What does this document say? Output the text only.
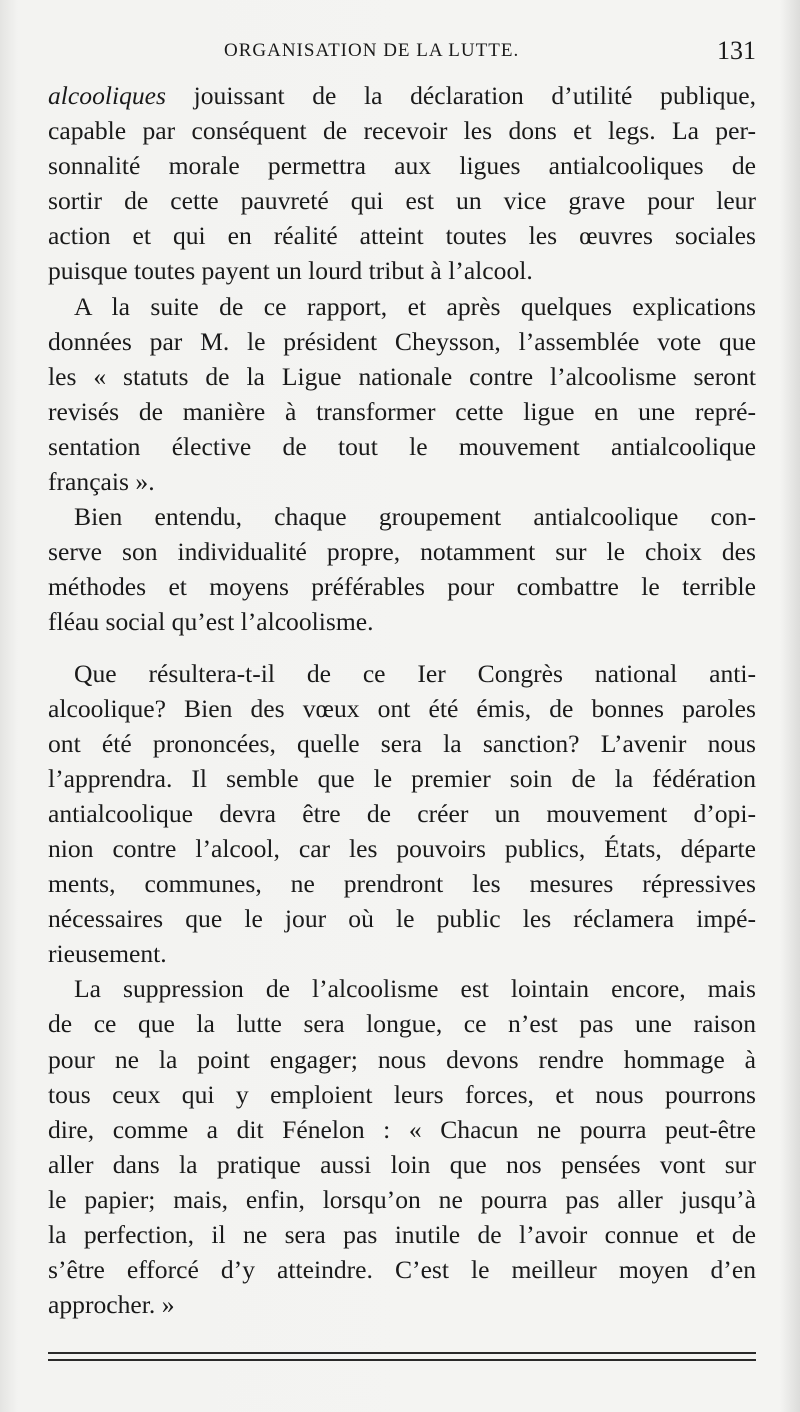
ORGANISATION DE LA LUTTE.	131
alcooliques jouissant de la déclaration d’utilité publique,
capable par conséquent de recevoir les dons et legs. La per-
sonnalité morale permettra aux ligues antialcooliques de
sortir de cette pauvreté qui est un vice grave pour leur
action et qui en réalité atteint toutes les œuvres sociales
puisque toutes payent un lourd tribut à l’alcool.
A la suite de ce rapport, et après quelques explications
données par M. le président Cheysson, l’assemblée vote que
les « statuts de la Ligue nationale contre l’alcoolisme seront
revisés de manière à transformer cette ligue en une repré-
sentation élective de tout le mouvement antialcoolique
français ».
Bien entendu, chaque groupement antialcoolique con-
serve son individualité propre, notamment sur le choix des
méthodes et moyens préférables pour combattre le terrible
fléau social qu’est l’alcoolisme.
Que résultera-t-il de ce Ier Congrès national anti-
alcoolique? Bien des vœux ont été émis, de bonnes paroles
ont été prononcées, quelle sera la sanction? L’avenir nous
l’apprendra. Il semble que le premier soin de la fédération
antialcoolique devra être de créer un mouvement d’opi-
nion contre l’alcool, car les pouvoirs publics, États, départe
ments, communes, ne prendront les mesures répressives
nécessaires que le jour où le public les réclamera impé-
rieusement.
La suppression de l’alcoolisme est lointain encore, mais
de ce que la lutte sera longue, ce n’est pas une raison
pour ne la point engager; nous devons rendre hommage à
tous ceux qui y emploient leurs forces, et nous pourrons
dire, comme a dit Fénelon : « Chacun ne pourra peut-être
aller dans la pratique aussi loin que nos pensées vont sur
le papier; mais, enfin, lorsqu’on ne pourra pas aller jusqu’à
la perfection, il ne sera pas inutile de l’avoir connue et de
s’être efforcé d’y atteindre. C’est le meilleur moyen d’en
approcher. »
